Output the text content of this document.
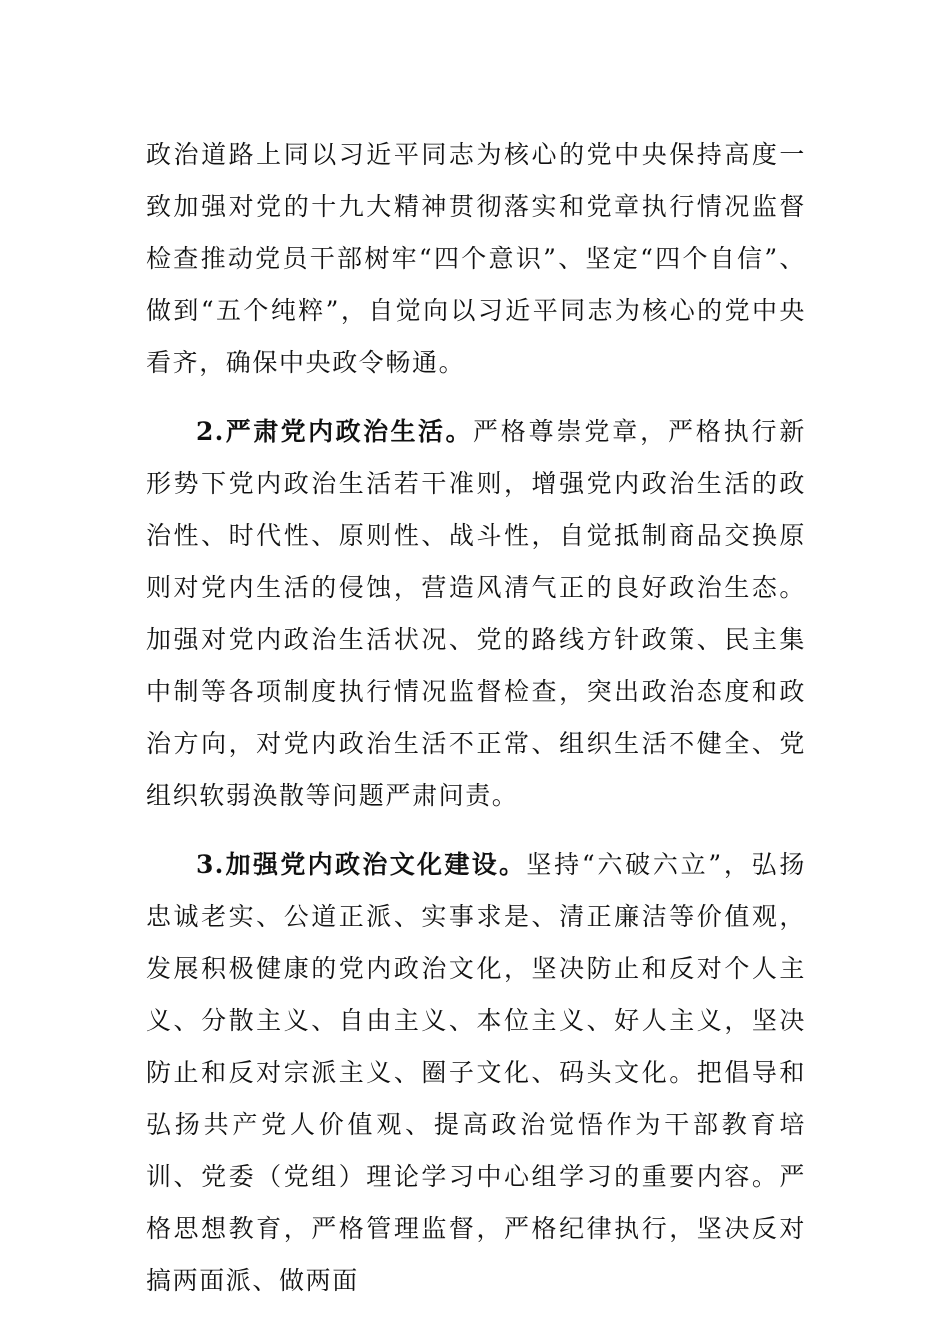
政治道路上同以习近平同志为核心的党中央保持高度一致加强对党的十九大精神贯彻落实和党章执行情况监督检查推动党员干部树牢“四个意识”、坚定“四个自信”、做到“五个纯粹”，自觉向以习近平同志为核心的党中央看齐，确保中央政令畅通。

2.严肃党内政治生活。严格尊崇党章，严格执行新形势下党内政治生活若干准则，增强党内政治生活的政治性、时代性、原则性、战斗性，自觉抵制商品交换原则对党内生活的侵蚀，营造风清气正的良好政治生态。加强对党内政治生活状况、党的路线方针政策、民主集中制等各项制度执行情况监督检查，突出政治态度和政治方向，对党内政治生活不正常、组织生活不健全、党组织软弱涣散等问题严肃问责。

3.加强党内政治文化建设。坚持“六破六立”，弘扬忠诚老实、公道正派、实事求是、清正廉洁等价值观，发展积极健康的党内政治文化，坚决防止和反对个人主义、分散主义、自由主义、本位主义、好人主义，坚决防止和反对宗派主义、圈子文化、码头文化。把倡导和弘扬共产党人价值观、提高政治觉悟作为干部教育培训、党委（党组）理论学习中心组学习的重要内容。严格思想教育，严格管理监督，严格纪律执行，坚决反对搞两面派、做两面
